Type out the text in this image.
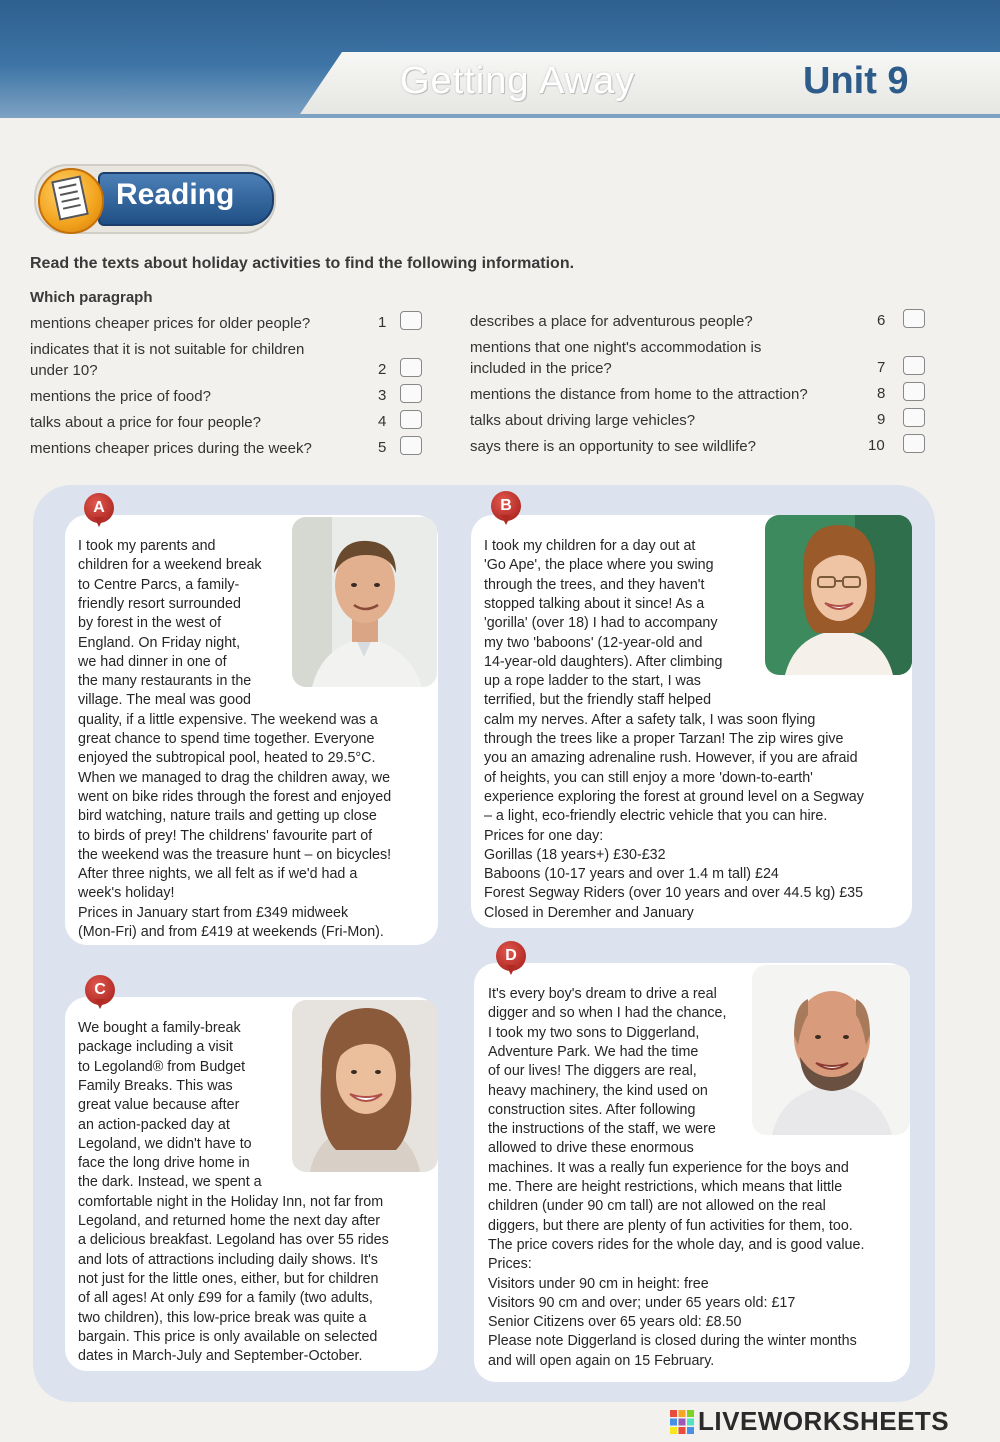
Getting Away	Unit 9
Reading
Read the texts about holiday activities to find the following information.
Which paragraph
mentions cheaper prices for older people?	1
indicates that it is not suitable for children
under 10?	2
mentions the price of food?	3
talks about a price for four people?	4
mentions cheaper prices during the week?	5
describes a place for adventurous people?	6
mentions that one night's accommodation is
included in the price?	7
mentions the distance from home to the attraction?	8
talks about driving large vehicles?	9
says there is an opportunity to see wildlife?	10
A
I took my parents and
children for a weekend break
to Centre Parcs, a family-
friendly resort surrounded
by forest in the west of
England. On Friday night,
we had dinner in one of
the many restaurants in the
village. The meal was good
quality, if a little expensive. The weekend was a
great chance to spend time together. Everyone
enjoyed the subtropical pool, heated to 29.5°C.
When we managed to drag the children away, we
went on bike rides through the forest and enjoyed
bird watching, nature trails and getting up close
to birds of prey! The childrens' favourite part of
the weekend was the treasure hunt – on bicycles!
After three nights, we all felt as if we'd had a
week's holiday!
Prices in January start from £349 midweek
(Mon-Fri) and from £419 at weekends (Fri-Mon).
B
I took my children for a day out at
'Go Ape', the place where you swing
through the trees, and they haven't
stopped talking about it since! As a
'gorilla' (over 18) I had to accompany
my two 'baboons' (12-year-old and
14-year-old daughters). After climbing
up a rope ladder to the start, I was
terrified, but the friendly staff helped
calm my nerves. After a safety talk, I was soon flying
through the trees like a proper Tarzan! The zip wires give
you an amazing adrenaline rush. However, if you are afraid
of heights, you can still enjoy a more 'down-to-earth'
experience exploring the forest at ground level on a Segway
– a light, eco-friendly electric vehicle that you can hire.
Prices for one day:
Gorillas (18 years+) £30-£32
Baboons (10-17 years and over 1.4 m tall) £24
Forest Segway Riders (over 10 years and over 44.5 kg) £35
Closed in Deremher and January
C
We bought a family-break
package including a visit
to Legoland® from Budget
Family Breaks. This was
great value because after
an action-packed day at
Legoland, we didn't have to
face the long drive home in
the dark. Instead, we spent a
comfortable night in the Holiday Inn, not far from
Legoland, and returned home the next day after
a delicious breakfast. Legoland has over 55 rides
and lots of attractions including daily shows. It's
not just for the little ones, either, but for children
of all ages! At only £99 for a family (two adults,
two children), this low-price break was quite a
bargain. This price is only available on selected
dates in March-July and September-October.
D
It's every boy's dream to drive a real
digger and so when I had the chance,
I took my two sons to Diggerland,
Adventure Park. We had the time
of our lives! The diggers are real,
heavy machinery, the kind used on
construction sites. After following
the instructions of the staff, we were
allowed to drive these enormous
machines. It was a really fun experience for the boys and
me. There are height restrictions, which means that little
children (under 90 cm tall) are not allowed on the real
diggers, but there are plenty of fun activities for them, too.
The price covers rides for the whole day, and is good value.
Prices:
Visitors under 90 cm in height: free
Visitors 90 cm and over; under 65 years old: £17
Senior Citizens over 65 years old: £8.50
Please note Diggerland is closed during the winter months
and will open again on 15 February.
LIVEWORKSHEETS
